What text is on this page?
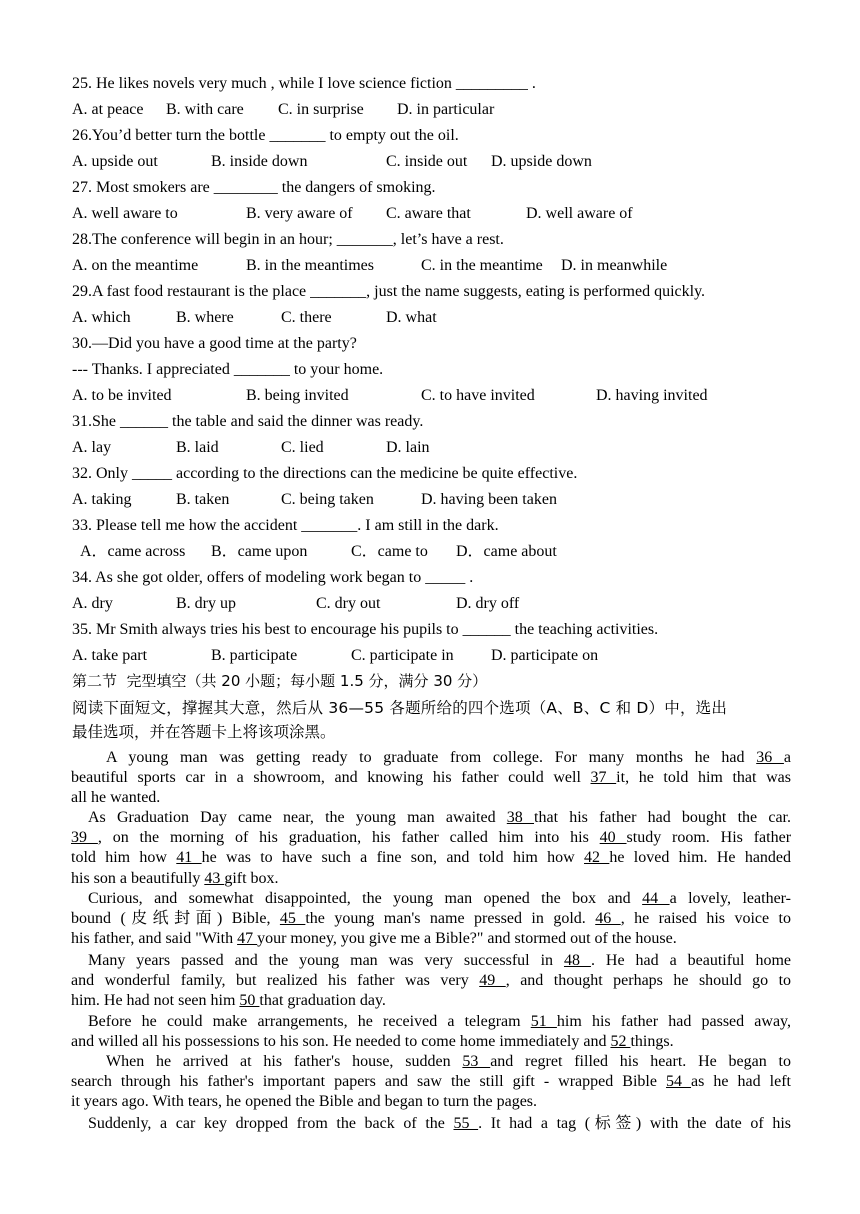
25. He likes novels very much , while I love science fiction _________ .
A. at peace B. with care C. in surprise D. in particular
26.You’d better turn the bottle _______ to empty out the oil.
A. upside out	B. inside down	C. inside out D. upside down
27. Most smokers are ________ the dangers of smoking.
A. well aware to	B. very aware of C. aware that	D. well aware of
28.The conference will begin in an hour; _______, let’s have a rest.
A. on the meantime	B. in the meantimes	C. in the meantime D. in meanwhile
29.A fast food restaurant is the place _______, just the name suggests, eating is performed quickly.
A. which	B. where	C. there	D. what
30.—Did you have a good time at the party?
--- Thanks. I appreciated _______ to your home.
A. to be invited	B. being invited	C. to have invited	D. having invited
31.She ______ the table and said the dinner was ready.
A. lay	B. laid	C. lied	D. lain
32. Only _____ according to the directions can the medicine be quite effective.
A. taking	B. taken	C. being taken	D. having been taken
33. Please tell me how the accident _______. I am still in the dark.
A．came across B．came upon	C．came to D．came about
34. As she got older, offers of modeling work began to _____ .
A. dry	B. dry up	C. dry out	D. dry off
35. Mr Smith always tries his best to encourage his pupils to ______ the teaching activities.
A. take part	B. participate	C. participate in D. participate on
第二节  完型填空（共 20 小题；每小题 1.5 分，满分 30 分）
阅读下面短文，撑握其大意，然后从 36—55 各题所给的四个选项（A、B、C 和 D）中，选出
最佳选项，并在答题卡上将该项涂黑。
A young man was getting ready to graduate from college. For many months he had 36 a
beautiful sports car in a showroom, and knowing his father could well 37 it, he told him that was
all he wanted.
As Graduation Day came near, the young man awaited 38 that his father had bought the car.
39 , on the morning of his graduation, his father called him into his 40 study room. His father
told him how 41 he was to have such a fine son, and told him how 42 he loved him. He handed
his son a beautifully 43 gift box.
Curious, and somewhat disappointed, the young man opened the box and 44 a lovely, leather-
bound (皮纸封面) Bible, 45 the young man's name pressed in gold. 46 , he raised his voice to
his father, and said "With 47 your money, you give me a Bible?" and stormed out of the house.
Many years passed and the young man was very successful in 48 . He had a beautiful home
and wonderful family, but realized his father was very 49 , and thought perhaps he should go to
him. He had not seen him 50 that graduation day.
Before he could make arrangements, he received a telegram 51 him his father had passed away,
and willed all his possessions to his son. He needed to come home immediately and 52 things.
When he arrived at his father's house, sudden 53 and regret filled his heart. He began to
search through his father's important papers and saw the still gift - wrapped Bible 54 as he had left
it years ago. With tears, he opened the Bible and began to turn the pages.
Suddenly, a car key dropped from the back of the 55 . It had a tag (标签) with the date of his
